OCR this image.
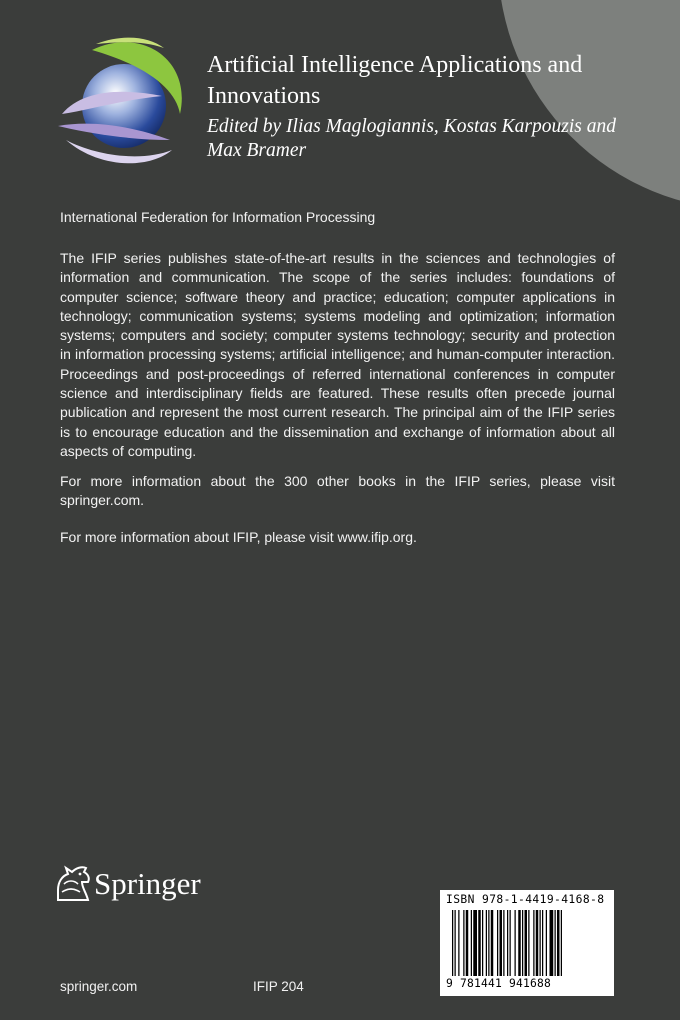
Artificial Intelligence Applications and Innovations

Edited by Ilias Maglogiannis, Kostas Karpouzis and Max Bramer

International Federation for Information Processing

The IFIP series publishes state-of-the-art results in the sciences and technologies of information and communication. The scope of the series includes: foundations of computer science; software theory and practice; education; computer applications in technology; communication systems; systems modeling and optimization; information systems; computers and society; computer systems technology; security and protection in information processing systems; artificial intelligence; and human-computer interaction. Proceedings and post-proceedings of referred international conferences in computer science and interdisciplinary fields are featured. These results often precede journal publication and represent the most current research. The principal aim of the IFIP series is to encourage education and the dissemination and exchange of information about all aspects of computing.

For more information about the 300 other books in the IFIP series, please visit springer.com.

For more information about IFIP, please visit www.ifip.org.

Springer
springer.com	IFIP 204
ISBN 978-1-4419-4168-8
9 781441 941688
